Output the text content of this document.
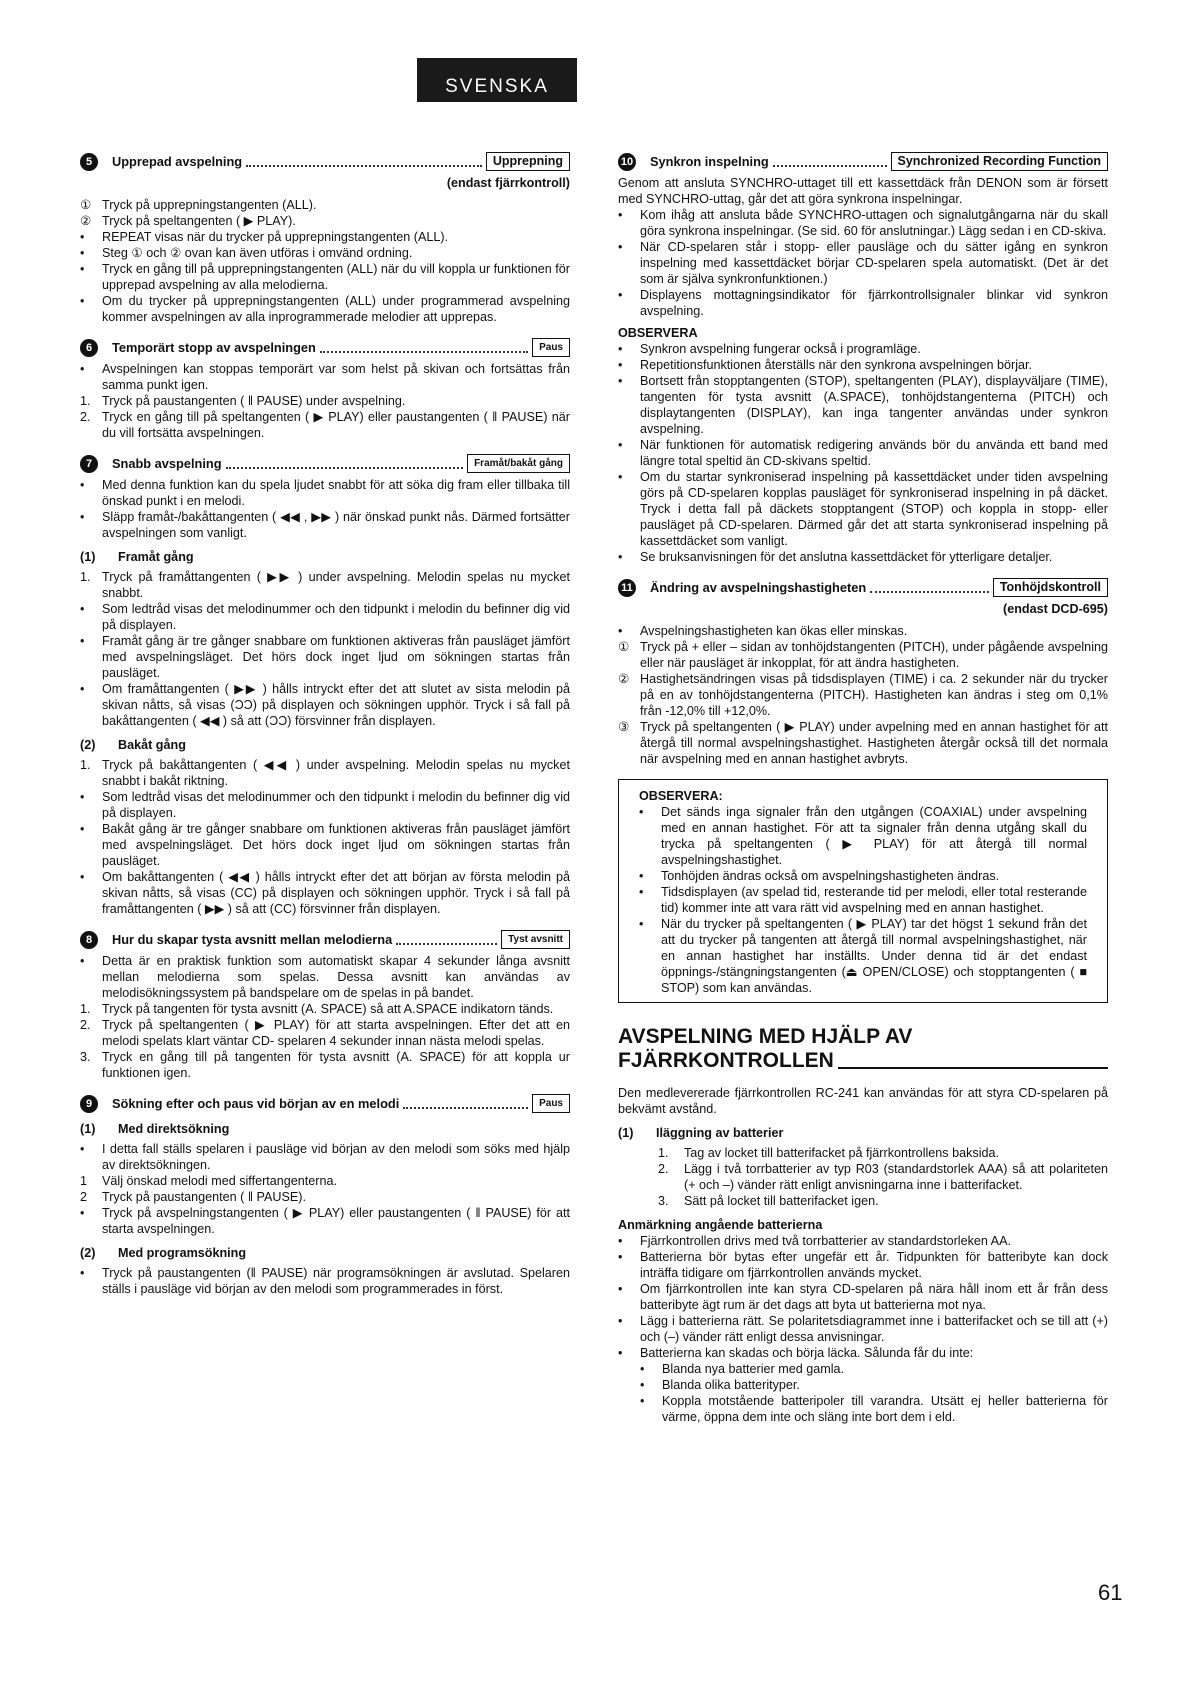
SVENSKA
5	Upprepad avspelning	Upprepning
(endast fjärrkontroll)
① Tryck på upprepningstangenten (ALL).
② Tryck på speltangenten ( ▶ PLAY).
•	REPEAT visas när du trycker på upprepningstangenten (ALL).
•	Steg ① och ② ovan kan även utföras i omvänd ordning.
•	Tryck en gång till på upprepningstangenten (ALL) när du vill koppla ur funktionen för upprepad avspelning av alla melodierna.
•	Om du trycker på upprepningstangenten (ALL) under programmerad avspelning kommer avspelningen av alla inprogrammerade melodier att upprepas.
6	Temporärt stopp av avspelningen	Paus
•	Avspelningen kan stoppas temporärt var som helst på skivan och fortsättas från samma punkt igen.
1. Tryck på paustangenten ( ‖ PAUSE) under avspelning.
2. Tryck en gång till på speltangenten ( ▶ PLAY) eller paustangenten ( ‖ PAUSE) när du vill fortsätta avspelningen.
7	Snabb avspelning	Framåt/bakåt gång
•	Med denna funktion kan du spela ljudet snabbt för att söka dig fram eller tillbaka till önskad punkt i en melodi.
•	Släpp framåt-/bakåttangenten ( ◀◀ , ▶▶ ) när önskad punkt nås. Därmed fortsätter avspelningen som vanligt.
(1) Framåt gång
1. Tryck på framåttangenten ( ▶▶ ) under avspelning. Melodin spelas nu mycket snabbt.
•	Som ledtråd visas det melodinummer och den tidpunkt i melodin du befinner dig vid på displayen.
•	Framåt gång är tre gånger snabbare om funktionen aktiveras från pausläget jämfört med avspelningsläget. Det hörs dock inget ljud om sökningen startas från pausläget.
•	Om framåttangenten ( ▶▶ ) hålls intryckt efter det att slutet av sista melodin på skivan nåtts, så visas (ƆƆ) på displayen och sökningen upphör. Tryck i så fall på bakåttangenten ( ◀◀ ) så att (ƆƆ) försvinner från displayen.
(2) Bakåt gång
1. Tryck på bakåttangenten ( ◀◀ ) under avspelning. Melodin spelas nu mycket snabbt i bakåt riktning.
•	Som ledtråd visas det melodinummer och den tidpunkt i melodin du befinner dig vid på displayen.
•	Bakåt gång är tre gånger snabbare om funktionen aktiveras från pausläget jämfört med avspelningsläget. Det hörs dock inget ljud om sökningen startas från pausläget.
•	Om bakåttangenten ( ◀◀ ) hålls intryckt efter det att början av första melodin på skivan nåtts, så visas (CC) på displayen och sökningen upphör. Tryck i så fall på framåttangenten ( ▶▶ ) så att (CC) försvinner från displayen.
8	Hur du skapar tysta avsnitt mellan melodierna	Tyst avsnitt
•	Detta är en praktisk funktion som automatiskt skapar 4 sekunder långa avsnitt mellan melodierna som spelas. Dessa avsnitt kan användas av melodisökningssystem på bandspelare om de spelas in på bandet.
1. Tryck på tangenten för tysta avsnitt (A. SPACE) så att A.SPACE indikatorn tänds.
2. Tryck på speltangenten ( ▶ PLAY) för att starta avspelningen. Efter det att en melodi spelats klart väntar CD- spelaren 4 sekunder innan nästa melodi spelas.
3. Tryck en gång till på tangenten för tysta avsnitt (A. SPACE) för att koppla ur funktionen igen.
9	Sökning efter och paus vid början av en melodi	Paus
(1) Med direktsökning
•	I detta fall ställs spelaren i pausläge vid början av den melodi som söks med hjälp av direktsökningen.
1	Välj önskad melodi med siffertangenterna.
2	Tryck på paustangenten ( ‖ PAUSE).
•	Tryck på avspelningstangenten ( ▶ PLAY) eller paustangenten ( ‖ PAUSE) för att starta avspelningen.
(2) Med programsökning
•	Tryck på paustangenten (‖ PAUSE) när programsökningen är avslutad. Spelaren ställs i pausläge vid början av den melodi som programmerades in först.
10 Synkron inspelning	Synchronized Recording Function
Genom att ansluta SYNCHRO-uttaget till ett kassettdäck från DENON som är försett med SYNCHRO-uttag, går det att göra synkrona inspelningar.
•	Kom ihåg att ansluta både SYNCHRO-uttagen och signalutgångarna när du skall göra synkrona inspelningar. (Se sid. 60 för anslutningar.) Lägg sedan i en CD-skiva.
•	När CD-spelaren står i stopp- eller pausläge och du sätter igång en synkron inspelning med kassettdäcket börjar CD-spelaren spela automatiskt. (Det är det som är själva synkronfunktionen.)
•	Displayens mottagningsindikator för fjärrkontrollsignaler blinkar vid synkron avspelning.
OBSERVERA
•	Synkron avspelning fungerar också i programläge.
•	Repetitionsfunktionen återställs när den synkrona avspelningen börjar.
•	Bortsett från stopptangenten (STOP), speltangenten (PLAY), displayväljare (TIME), tangenten för tysta avsnitt (A.SPACE), tonhöjdstangenterna (PITCH) och displaytangenten (DISPLAY), kan inga tangenter användas under synkron avspelning.
•	När funktionen för automatisk redigering används bör du använda ett band med längre total speltid än CD-skivans speltid.
•	Om du startar synkroniserad inspelning på kassettdäcket under tiden avspelning görs på CD-spelaren kopplas pausläget för synkroniserad inspelning in på däcket. Tryck i detta fall på däckets stopptangent (STOP) och koppla in stopp- eller pausläget på CD-spelaren. Därmed går det att starta synkroniserad inspelning på kassettdäcket som vanligt.
•	Se bruksanvisningen för det anslutna kassettdäcket för ytterligare detaljer.
11 Ändring av avspelningshastigheten	Tonhöjdskontroll
(endast DCD-695)
•	Avspelningshastigheten kan ökas eller minskas.
① Tryck på + eller – sidan av tonhöjdstangenten (PITCH), under pågående avspelning eller när pausläget är inkopplat, för att ändra hastigheten.
② Hastighetsändringen visas på tidsdisplayen (TIME) i ca. 2 sekunder när du trycker på en av tonhöjdstangenterna (PITCH). Hastigheten kan ändras i steg om 0,1% från -12,0% till +12,0%.
③ Tryck på speltangenten ( ▶ PLAY) under avpelning med en annan hastighet för att återgå till normal avspelningshastighet. Hastigheten återgår också till det normala när avspelning med en annan hastighet avbryts.
OBSERVERA:
•	Det sänds inga signaler från den utgången (COAXIAL) under avspelning med en annan hastighet. För att ta signaler från denna utgång skall du trycka på speltangenten ( ▶ PLAY) för att återgå till normal avspelningshastighet.
•	Tonhöjden ändras också om avspelningshastigheten ändras.
•	Tidsdisplayen (av spelad tid, resterande tid per melodi, eller total resterande tid) kommer inte att vara rätt vid avspelning med en annan hastighet.
•	När du trycker på speltangenten ( ▶ PLAY) tar det högst 1 sekund från det att du trycker på tangenten att återgå till normal avspelningshastighet, när en annan hastighet har inställts. Under denna tid är det endast öppnings-/stängningstangenten (⏏ OPEN/CLOSE) och stopptangenten ( ■ STOP) som kan användas.
AVSPELNING MED HJÄLP AV
FJÄRRKONTROLLEN
Den medlevererade fjärrkontrollen RC-241 kan användas för att styra CD-spelaren på bekvämt avstånd.
(1) Iläggning av batterier
1.	Tag av locket till batterifacket på fjärrkontrollens baksida.
2.	Lägg i två torrbatterier av typ R03 (standardstorlek AAA) så att polariteten (+ och –) vänder rätt enligt anvisningarna inne i batterifacket.
3.	Sätt på locket till batterifacket igen.
Anmärkning angående batterierna
•	Fjärrkontrollen drivs med två torrbatterier av standardstorleken AA.
•	Batterierna bör bytas efter ungefär ett år. Tidpunkten för batteribyte kan dock inträffa tidigare om fjärrkontrollen används mycket.
•	Om fjärrkontrollen inte kan styra CD-spelaren på nära håll inom ett år från dess batteribyte ägt rum är det dags att byta ut batterierna mot nya.
•	Lägg i batterierna rätt. Se polaritetsdiagrammet inne i batterifacket och se till att (+) och (–) vänder rätt enligt dessa anvisningar.
•	Batterierna kan skadas och börja läcka. Sålunda får du inte:
•	Blanda nya batterier med gamla.
•	Blanda olika batterityper.
•	Koppla motstående batteripoler till varandra. Utsätt ej heller batterierna för värme, öppna dem inte och släng inte bort dem i eld.
61
